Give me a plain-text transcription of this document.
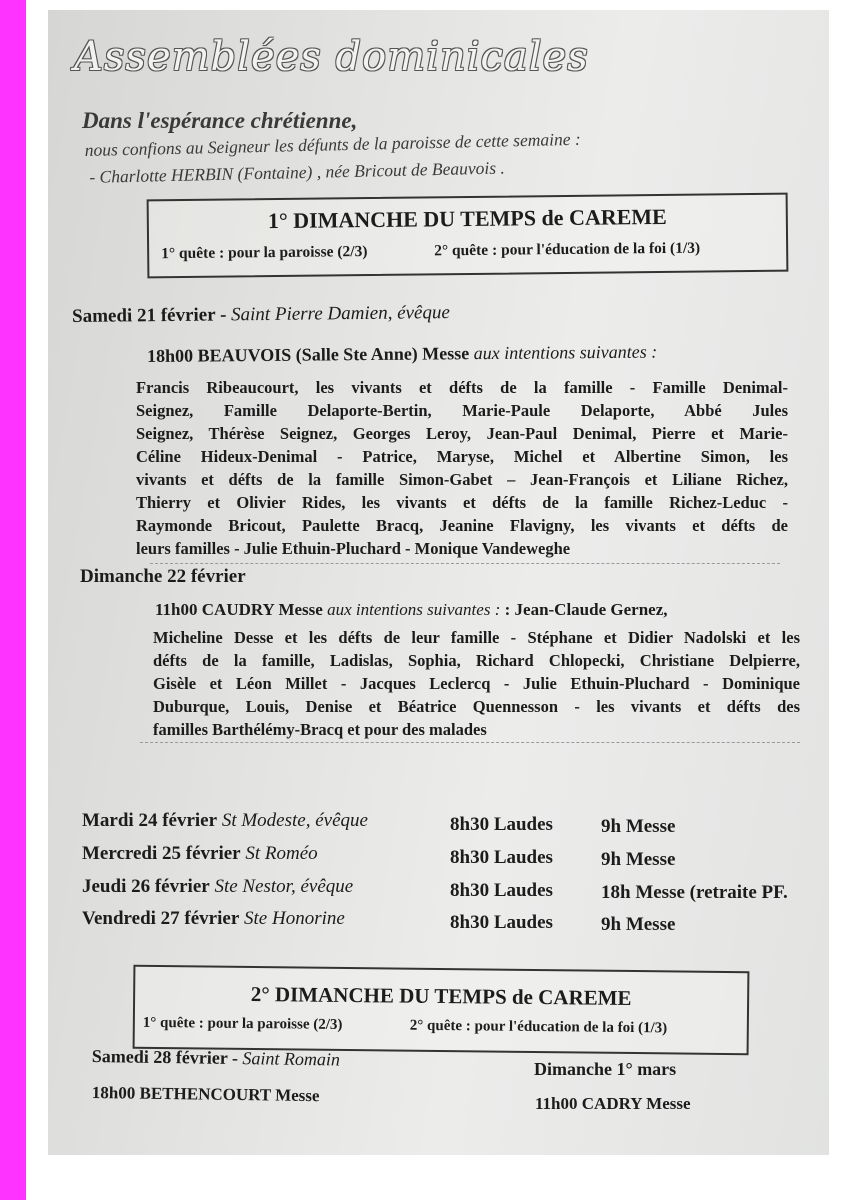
Assemblées dominicales
Dans l'espérance chrétienne,
nous confions au Seigneur les défunts de la paroisse de cette semaine :
- Charlotte HERBIN (Fontaine) , née Bricout de Beauvois .
1° DIMANCHE DU TEMPS de CAREME
1° quête : pour la paroisse (2/3)	2° quête : pour l'éducation de la foi (1/3)
Samedi 21 février - Saint Pierre Damien, évêque
18h00 BEAUVOIS (Salle Ste Anne) Messe aux intentions suivantes :
Francis Ribeaucourt, les vivants et défts de la famille - Famille Denimal-
Seignez, Famille Delaporte-Bertin, Marie-Paule Delaporte, Abbé Jules
Seignez, Thérèse Seignez, Georges Leroy, Jean-Paul Denimal, Pierre et Marie-
Céline Hideux-Denimal - Patrice, Maryse, Michel et Albertine Simon, les
vivants et défts de la famille Simon-Gabet – Jean-François et Liliane Richez,
Thierry et Olivier Rides, les vivants et défts de la famille Richez-Leduc -
Raymonde Bricout, Paulette Bracq, Jeanine Flavigny, les vivants et défts de
leurs familles - Julie Ethuin-Pluchard - Monique Vandeweghe
Dimanche 22 février
11h00 CAUDRY Messe aux intentions suivantes : : Jean-Claude Gernez,
Micheline Desse et les défts de leur famille - Stéphane et Didier Nadolski et les
défts de la famille, Ladislas, Sophia, Richard Chlopecki, Christiane Delpierre,
Gisèle et Léon Millet - Jacques Leclercq - Julie Ethuin-Pluchard - Dominique
Duburque, Louis, Denise et Béatrice Quennesson - les vivants et défts des
familles Barthélémy-Bracq et pour des malades
Mardi 24 février St Modeste, évêque	8h30 Laudes	9h Messe
Mercredi 25 février St Roméo	8h30 Laudes	9h Messe
Jeudi 26 février Ste Nestor, évêque	8h30 Laudes	18h Messe (retraite PF.
Vendredi 27 février Ste Honorine	8h30 Laudes	9h Messe
2° DIMANCHE DU TEMPS de CAREME
1° quête : pour la paroisse (2/3)	2° quête : pour l'éducation de la foi (1/3)
Samedi 28 février - Saint Romain
18h00 BETHENCOURT Messe
Dimanche 1° mars
11h00 CADRY Messe
